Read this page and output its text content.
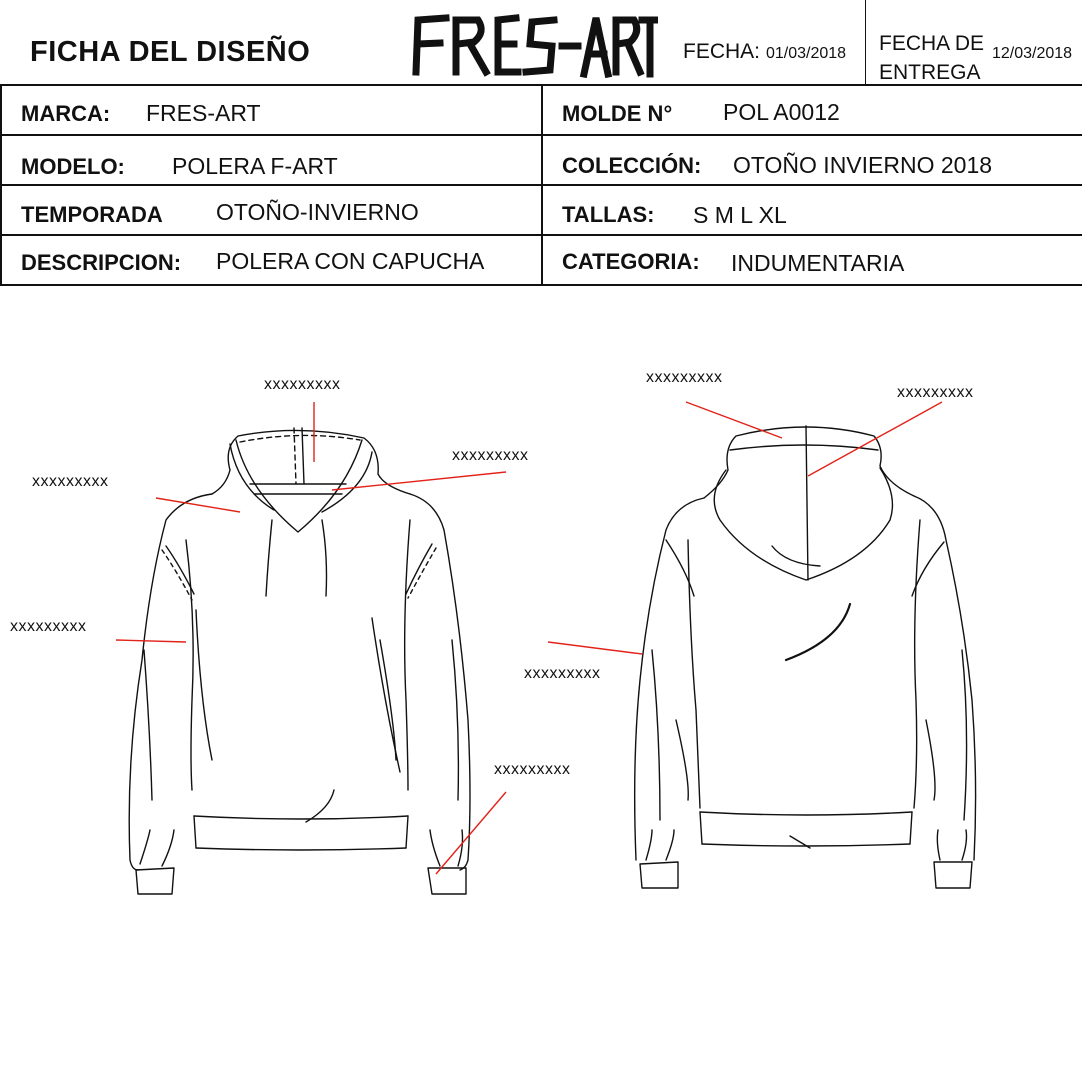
FICHA DEL DISEÑO	FECHA: 01/03/2018 FECHA DE
ENTREGA
12/03/2018
MARCA: FRES-ART	MOLDE N° POL A0012
MODELO: POLERA F-ART	COLECCIÓN: OTOÑO INVIERNO 2018
TEMPORADA OTOÑO-INVIERNO	TALLAS: S M L XL
DESCRIPCION: POLERA CON CAPUCHA	CATEGORIA: INDUMENTARIA
xxxxxxxxx
xxxxxxxxx
xxxxxxxxx
xxxxxxxxx
xxxxxxxxx
xxxxxxxxx
xxxxxxxxx
xxxxxxxxx
